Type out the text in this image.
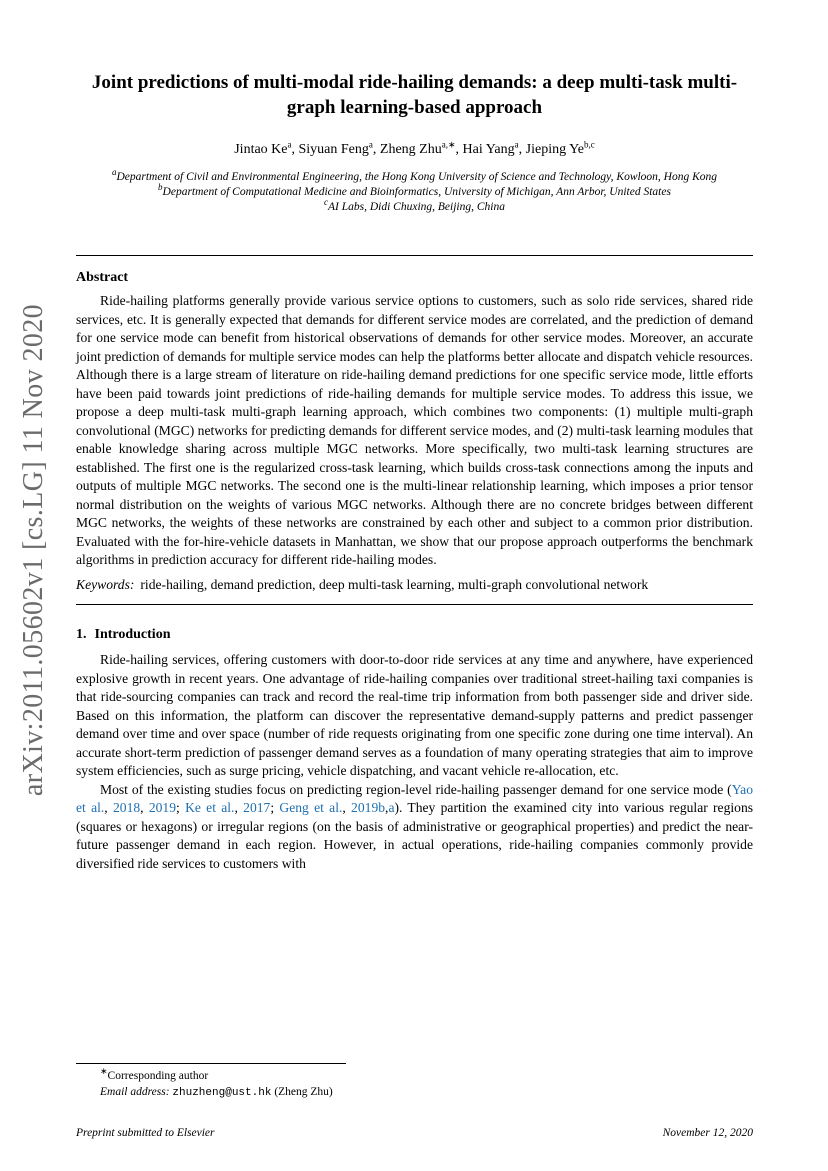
arXiv:2011.05602v1 [cs.LG] 11 Nov 2020
Joint predictions of multi-modal ride-hailing demands: a deep multi-task multi-graph learning-based approach
Jintao Ke$^a$, Siyuan Feng$^a$, Zheng Zhu$^{a,∗}$, Hai Yang$^a$, Jieping Ye$^{b,c}$
$^a$Department of Civil and Environmental Engineering, the Hong Kong University of Science and Technology, Kowloon, Hong Kong
$^b$Department of Computational Medicine and Bioinformatics, University of Michigan, Ann Arbor, United States
$^c$AI Labs, Didi Chuxing, Beijing, China
Abstract

Ride-hailing platforms generally provide various service options to customers, such as solo ride services, shared ride services, etc. It is generally expected that demands for different service modes are correlated, and the prediction of demand for one service mode can benefit from historical observations of demands for other service modes. Moreover, an accurate joint prediction of demands for multiple service modes can help the platforms better allocate and dispatch vehicle resources. Although there is a large stream of literature on ride-hailing demand predictions for one specific service mode, little efforts have been paid towards joint predictions of ride-hailing demands for multiple service modes. To address this issue, we propose a deep multi-task multi-graph learning approach, which combines two components: (1) multiple multi-graph convolutional (MGC) networks for predicting demands for different service modes, and (2) multi-task learning modules that enable knowledge sharing across multiple MGC networks. More specifically, two multi-task learning structures are established. The first one is the regularized cross-task learning, which builds cross-task connections among the inputs and outputs of multiple MGC networks. The second one is the multi-linear relationship learning, which imposes a prior tensor normal distribution on the weights of various MGC networks. Although there are no concrete bridges between different MGC networks, the weights of these networks are constrained by each other and subject to a common prior distribution. Evaluated with the for-hire-vehicle datasets in Manhattan, we show that our propose approach outperforms the benchmark algorithms in prediction accuracy for different ride-hailing modes.

Keywords: ride-hailing, demand prediction, deep multi-task learning, multi-graph convolutional network
1. Introduction

Ride-hailing services, offering customers with door-to-door ride services at any time and anywhere, have experienced explosive growth in recent years. One advantage of ride-hailing companies over traditional street-hailing taxi companies is that ride-sourcing companies can track and record the real-time trip information from both passenger side and driver side. Based on this information, the platform can discover the representative demand-supply patterns and predict passenger demand over time and over space (number of ride requests originating from one specific zone during one time interval). An accurate short-term prediction of passenger demand serves as a foundation of many operating strategies that aim to improve system efficiencies, such as surge pricing, vehicle dispatching, and vacant vehicle re-allocation, etc.

Most of the existing studies focus on predicting region-level ride-hailing passenger demand for one service mode (Yao et al., 2018, 2019; Ke et al., 2017; Geng et al., 2019b,a). They partition the examined city into various regular regions (squares or hexagons) or irregular regions (on the basis of administrative or geographical properties) and predict the near-future passenger demand in each region. However, in actual operations, ride-hailing companies commonly provide diversified ride services to customers with

∗Corresponding author
Email address: zhuzheng@ust.hk (Zheng Zhu)
Preprint submitted to Elsevier	November 12, 2020
